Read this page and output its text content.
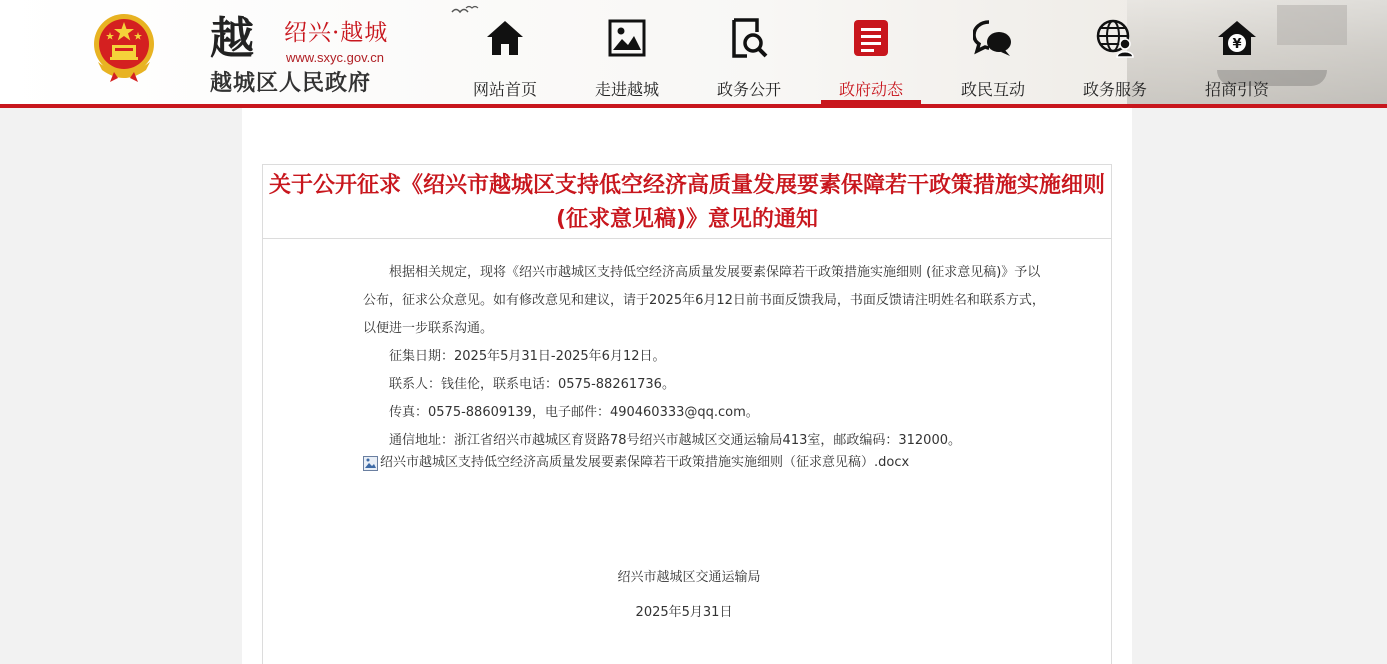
越	绍兴·越城
www.sxyc.gov.cn
越城区人民政府	网站首页	走进越城	政务公开	政府动态	政民互动	政务服务
¥
招商引资
关于公开征求《绍兴市越城区支持低空经济高质量发展要素保障若干政策措施实施细则 (征求意见稿)》意见的通知

根据相关规定，现将《绍兴市越城区支持低空经济高质量发展要素保障若干政策措施实施细则 (征求意见稿)》予以公布，征求公众意见。如有修改意见和建议，请于2025年6月12日前书面反馈我局，书面反馈请注明姓名和联系方式，以便进一步联系沟通。

征集日期：2025年5月31日-2025年6月12日。

联系人：钱佳伦，联系电话：0575-88261736。

传真：0575-88609139，电子邮件：490460333@qq.com。

通信地址：浙江省绍兴市越城区育贤路78号绍兴市越城区交通运输局413室，邮政编码：312000。

绍兴市越城区支持低空经济高质量发展要素保障若干政策措施实施细则（征求意见稿）.docx
绍兴市越城区交通运输局
2025年5月31日
